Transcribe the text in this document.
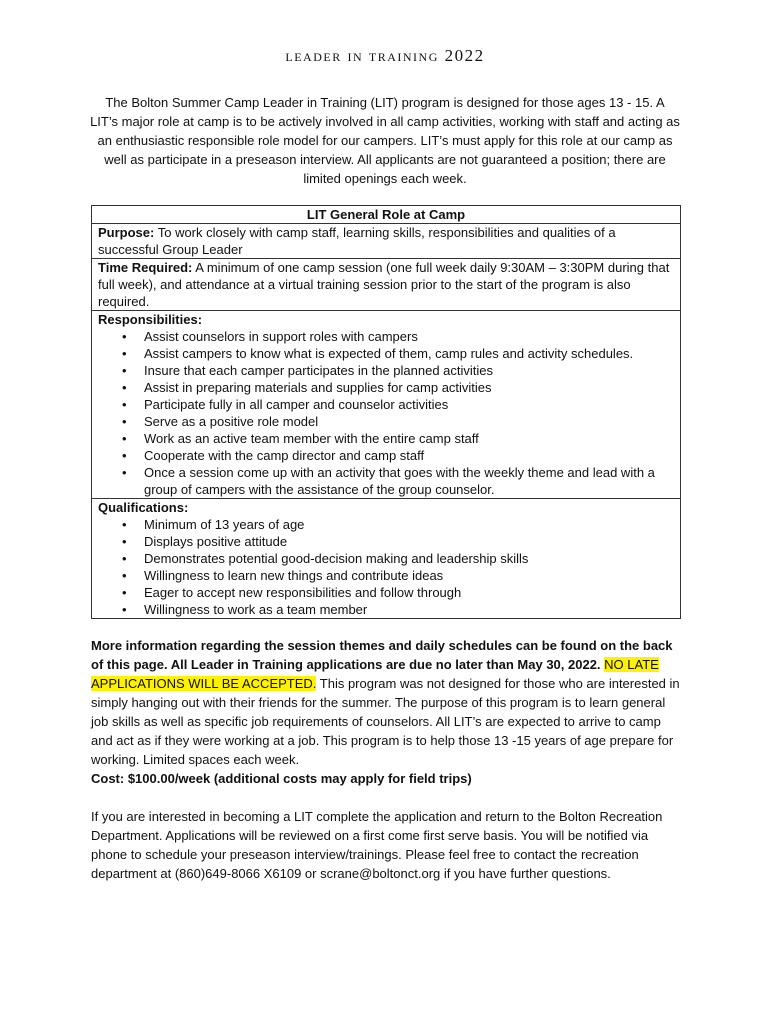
leader in training 2022
The Bolton Summer Camp Leader in Training (LIT) program is designed for those ages 13 - 15. A LIT’s major role at camp is to be actively involved in all camp activities, working with staff and acting as an enthusiastic responsible role model for our campers. LIT’s must apply for this role at our camp as well as participate in a preseason interview. All applicants are not guaranteed a position; there are limited openings each week.
LIT General Role at Camp
Purpose: To work closely with camp staff, learning skills, responsibilities and qualities of a successful Group Leader
Time Required: A minimum of one camp session (one full week daily 9:30AM – 3:30PM during that full week), and attendance at a virtual training session prior to the start of the program is also required.
Responsibilities:
• Assist counselors in support roles with campers
• Assist campers to know what is expected of them, camp rules and activity schedules.
• Insure that each camper participates in the planned activities
• Assist in preparing materials and supplies for camp activities
• Participate fully in all camper and counselor activities
• Serve as a positive role model
• Work as an active team member with the entire camp staff
• Cooperate with the camp director and camp staff
• Once a session come up with an activity that goes with the weekly theme and lead with a group of campers with the assistance of the group counselor.
Qualifications:
• Minimum of 13 years of age
• Displays positive attitude
• Demonstrates potential good-decision making and leadership skills
• Willingness to learn new things and contribute ideas
• Eager to accept new responsibilities and follow through
• Willingness to work as a team member
More information regarding the session themes and daily schedules can be found on the back of this page. All Leader in Training applications are due no later than May 30, 2022. NO LATE APPLICATIONS WILL BE ACCEPTED. This program was not designed for those who are interested in simply hanging out with their friends for the summer. The purpose of this program is to learn general job skills as well as specific job requirements of counselors. All LIT’s are expected to arrive to camp and act as if they were working at a job. This program is to help those 13 -15 years of age prepare for working. Limited spaces each week.
Cost: $100.00/week (additional costs may apply for field trips)
If you are interested in becoming a LIT complete the application and return to the Bolton Recreation Department. Applications will be reviewed on a first come first serve basis. You will be notified via phone to schedule your preseason interview/trainings. Please feel free to contact the recreation department at (860)649-8066 X6109 or scrane@boltonct.org if you have further questions.
